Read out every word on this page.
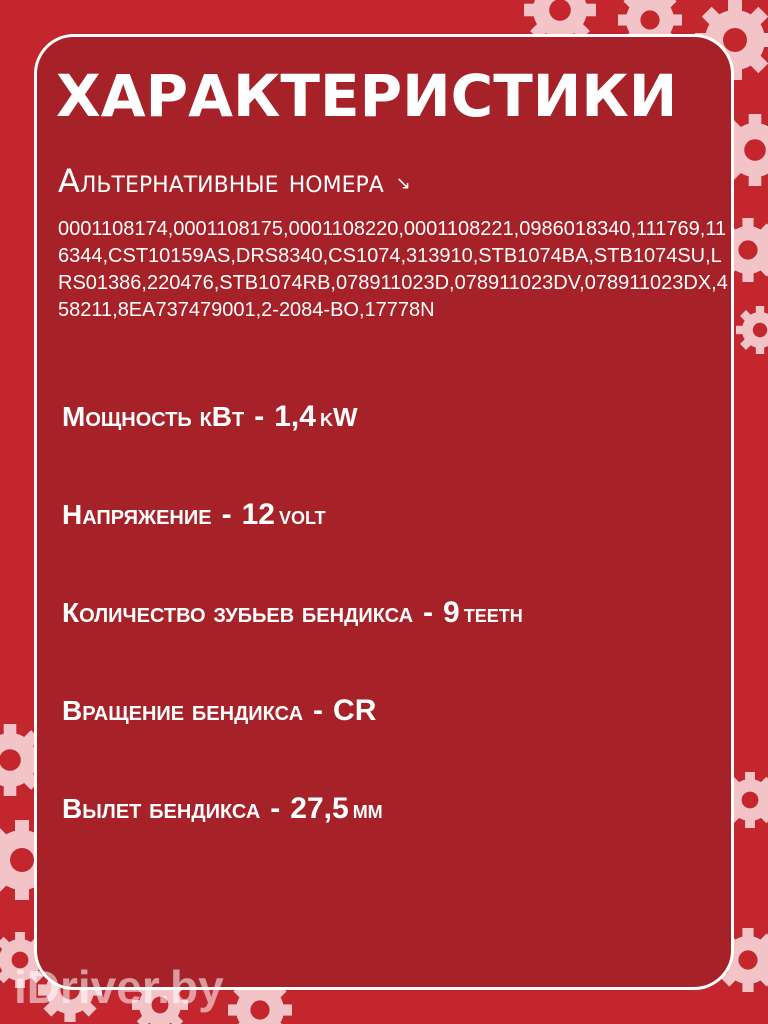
ХАРАКТЕРИСТИКИ
Альтернативные номера ↘
0001108174,0001108175,0001108220,0001108221,0986018340,111769,116344,CST10159AS,DRS8340,CS1074,313910,STB1074BA,STB1074SU,LRS01386,220476,STB1074RB,078911023D,078911023DV,078911023DX,458211,8EA737479001,2-2084-BO,17778N
Мощность кВт - 1,4 kW
Напряжение - 12 volt
Количество зубьев бендикса - 9 teeth
Вращение бендикса - CR
Вылет бендикса - 27,5 мм
iDriver.by
